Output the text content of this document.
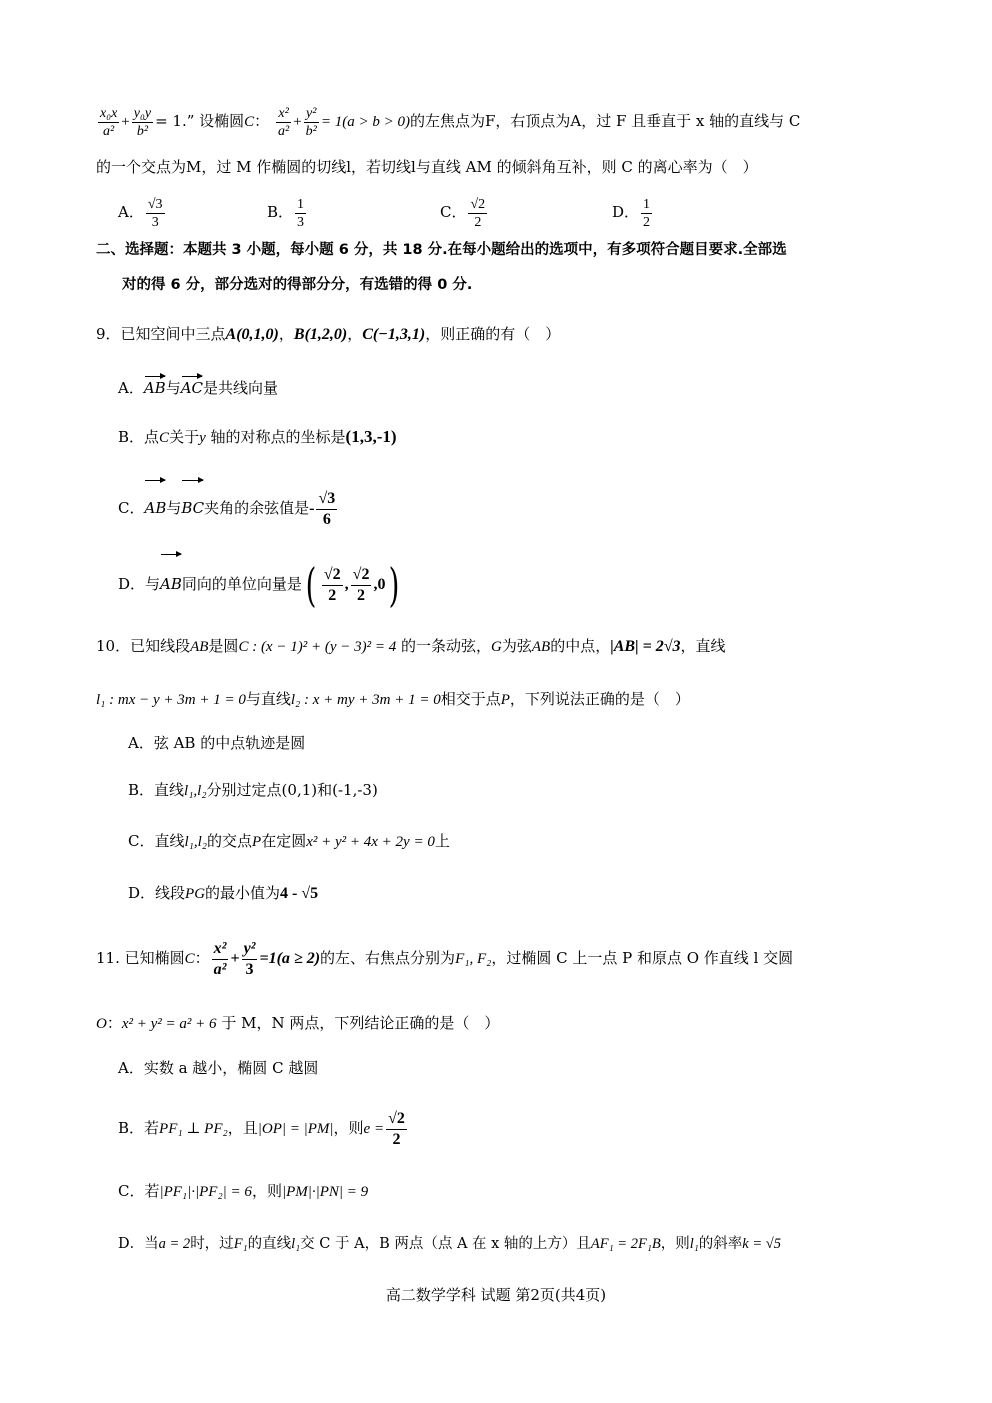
$\frac{\text{x₀x}}{\text{a²}} + \frac{\text{y₀y}}{\text{b²}} = 1$.” 设椭圆C： $\frac{\text{x²}}{\text{a²}} + \frac{\text{y²}}{\text{b²}} = 1(a > b > 0)$的左焦点为F，右顶点为A，过 F 且垂直于 x 轴的直线与 C
的一个交点为M，过 M 作椭圆的切线l，若切线l与直线 AM 的倾斜角互补，则 C 的离心率为（　）
A． $\frac{√3}{3}$	B． $\frac{1}{3}$	C． $\frac{√2}{2}$	D． $\frac{1}{2}$
二、选择题：本题共 3 小题，每小题 6 分，共 18 分.在每小题给出的选项中，有多项符合题目要求.全部选
对的得 6 分，部分选对的得部分分，有选错的得 0 分.
9．已知空间中三点A(0,1,0)，B(1,2,0)，C(−1,3,1)，则正确的有（　）
A．AB与AC是共线向量
B．点C关于y 轴的对称点的坐标是(1,3,-1)
C．AB与BC夹角的余弦值是- $\frac{√3}{6}$
D．与AB同向的单位向量是( $\frac{√2}{2}$ , $\frac{√2}{2} ,0$)
10．已知线段AB是圆C : (x − 1)² + (y − 3)² = 4 的一条动弦，G为弦AB的中点，|AB| = 2√3，直线
l₁ : mx − y + 3m + 1 = 0与直线l₂ : x + my + 3m + 1 = 0相交于点P，下列说法正确的是（　）
A．弦 AB 的中点轨迹是圆
B．直线l₁,l₂分别过定点(0,1)和(-1,-3)
C．直线l₁,l₂的交点P在定圆x² + y² + 4x + 2y = 0上
D．线段PG的最小值为4 - √5
11. 已知椭圆C： $\frac{\text{x²}}{\text{a²}} + \frac{\text{y²}}{3} =1(a \ge 2)$的左、右焦点分别为F₁, F₂，过椭圆 C 上一点 P 和原点 O 作直线 l 交圆
O：x² + y² = a² + 6 于 M，N 两点，下列结论正确的是（　）
A．实数 a 越小，椭圆 C 越圆
B．若PF₁ ⊥ PF₂，且|OP| = |PM|，则$e = \frac{√2}{2}$
C．若|PF₁|·|PF₂| = 6，则|PM|·|PN| = 9
D．当a = 2时，过F₁的直线l₁交 C 于 A，B 两点（点 A 在 x 轴的上方）且AF₁ = 2F₁B，则l₁的斜率k = √5
高二数学学科 试题 第2页(共4页)
